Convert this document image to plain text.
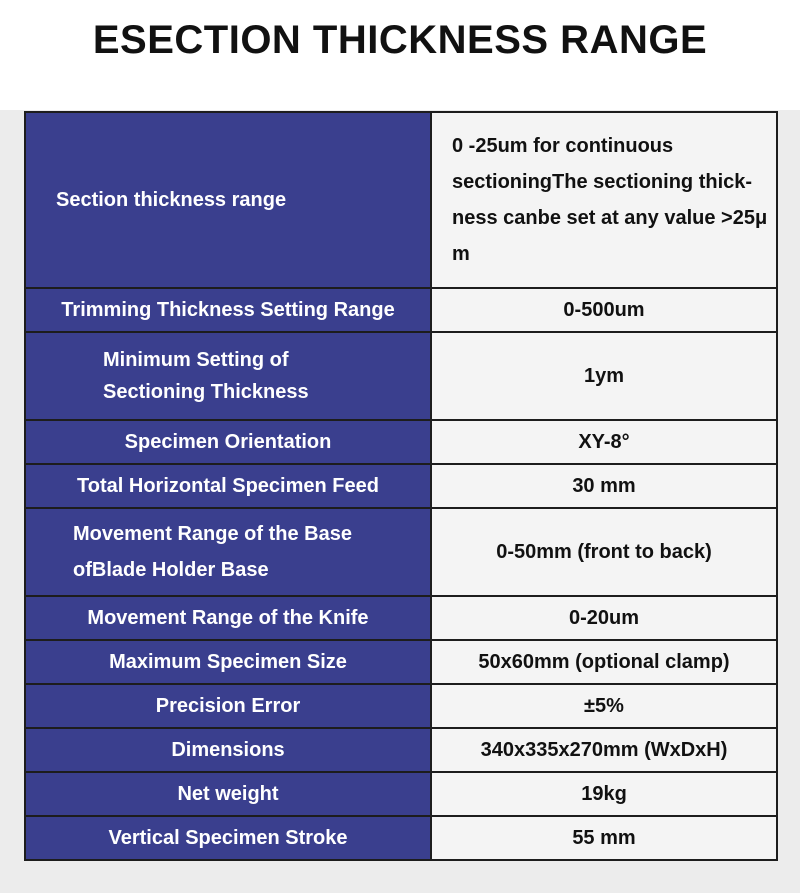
ESECTION THICKNESS RANGE
Section thickness range	0 -25um for continuous sectioningThe sectioning thick-ness canbe set at any value >25μ m
Trimming Thickness Setting Range	0-500um
Minimum Setting of Sectioning Thickness	1ym
Specimen Orientation	XY-8°
Total Horizontal Specimen Feed	30 mm
Movement Range of the Base ofBlade Holder Base	0-50mm (front to back)
Movement Range of the Knife	0-20um
Maximum Specimen Size	50x60mm (optional clamp)
Precision Error	±5%
Dimensions	340x335x270mm (WxDxH)
Net weight	19kg
Vertical Specimen Stroke	55 mm
